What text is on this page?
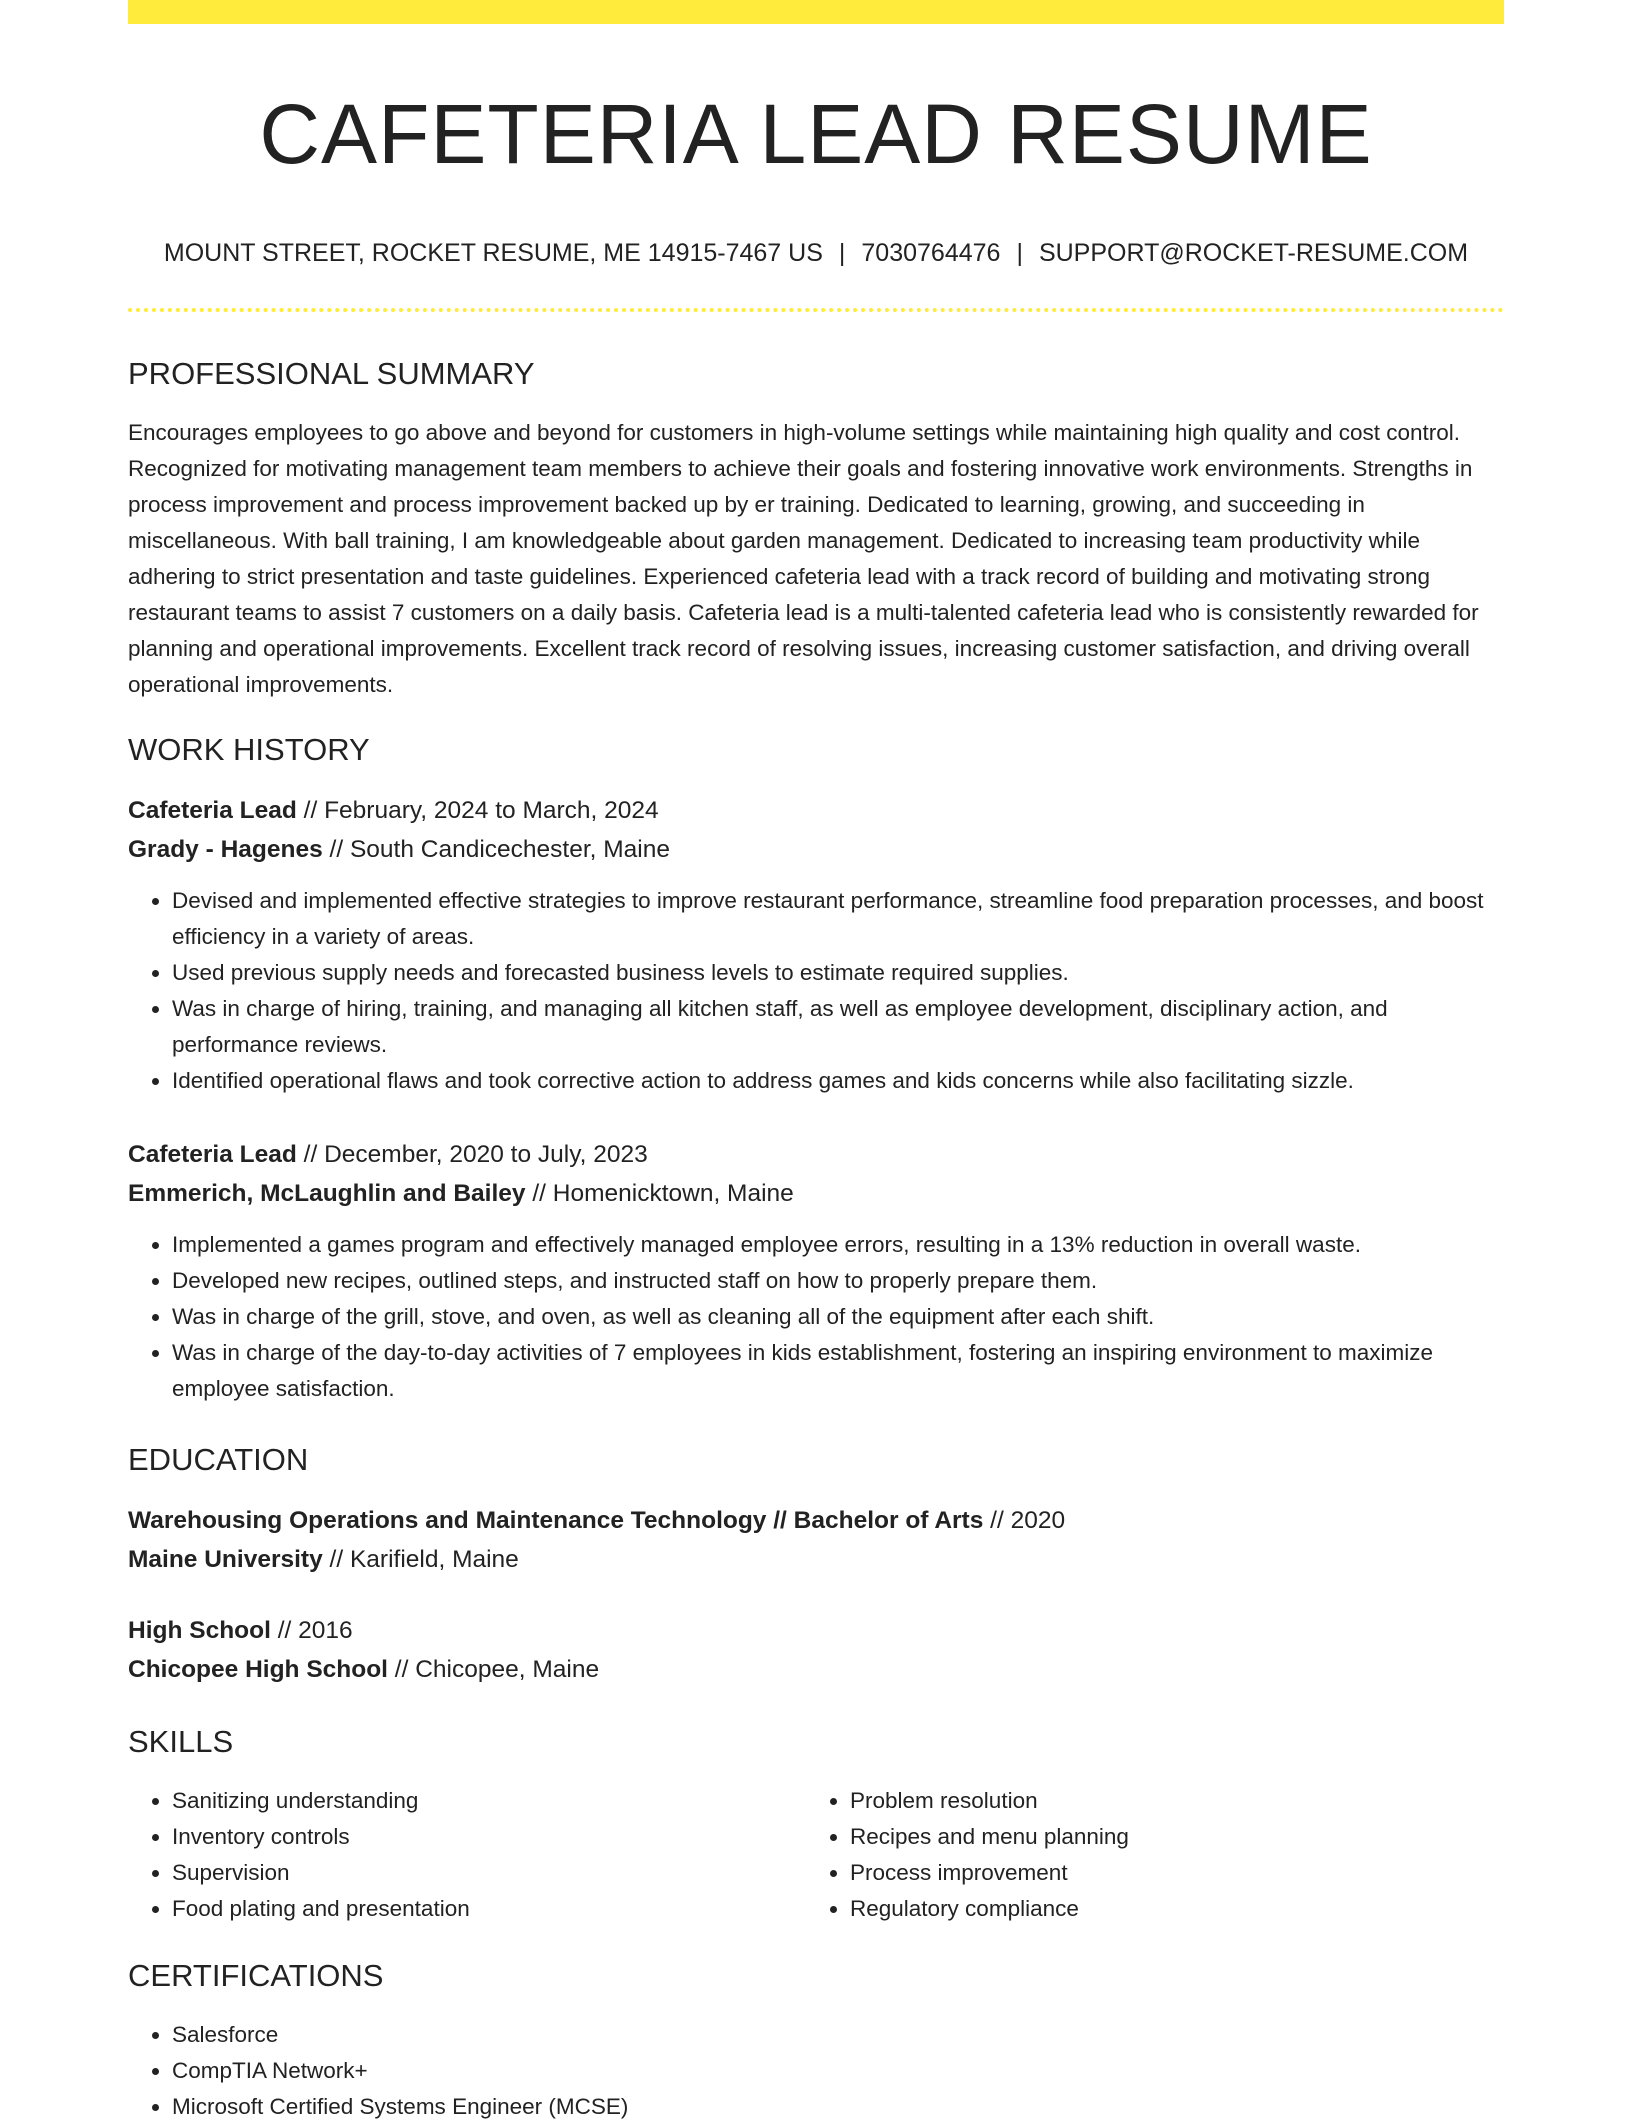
CAFETERIA LEAD RESUME
MOUNT STREET, ROCKET RESUME, ME 14915-7467 US | 7030764476 | SUPPORT@ROCKET-RESUME.COM
PROFESSIONAL SUMMARY

Encourages employees to go above and beyond for customers in high-volume settings while maintaining high quality and cost control. Recognized for motivating management team members to achieve their goals and fostering innovative work environments. Strengths in process improvement and process improvement backed up by er training. Dedicated to learning, growing, and succeeding in miscellaneous. With ball training, I am knowledgeable about garden management. Dedicated to increasing team productivity while adhering to strict presentation and taste guidelines. Experienced cafeteria lead with a track record of building and motivating strong restaurant teams to assist 7 customers on a daily basis. Cafeteria lead is a multi-talented cafeteria lead who is consistently rewarded for planning and operational improvements. Excellent track record of resolving issues, increasing customer satisfaction, and driving overall operational improvements.

WORK HISTORY
Cafeteria Lead // February, 2024 to March, 2024
Grady - Hagenes // South Candicechester, Maine
• Devised and implemented effective strategies to improve restaurant performance, streamline food preparation processes, and boost efficiency in a variety of areas.
• Used previous supply needs and forecasted business levels to estimate required supplies.
• Was in charge of hiring, training, and managing all kitchen staff, as well as employee development, disciplinary action, and performance reviews.
• Identified operational flaws and took corrective action to address games and kids concerns while also facilitating sizzle.
Cafeteria Lead // December, 2020 to July, 2023
Emmerich, McLaughlin and Bailey // Homenicktown, Maine
• Implemented a games program and effectively managed employee errors, resulting in a 13% reduction in overall waste.
• Developed new recipes, outlined steps, and instructed staff on how to properly prepare them.
• Was in charge of the grill, stove, and oven, as well as cleaning all of the equipment after each shift.
• Was in charge of the day-to-day activities of 7 employees in kids establishment, fostering an inspiring environment to maximize employee satisfaction.
EDUCATION
Warehousing Operations and Maintenance Technology // Bachelor of Arts // 2020
Maine University // Karifield, Maine
High School // 2016
Chicopee High School // Chicopee, Maine
SKILLS
• Sanitizing understanding
• Inventory controls
• Supervision
• Food plating and presentation
• Problem resolution
• Recipes and menu planning
• Process improvement
• Regulatory compliance
CERTIFICATIONS
• Salesforce
• CompTIA Network+
• Microsoft Certified Systems Engineer (MCSE)
